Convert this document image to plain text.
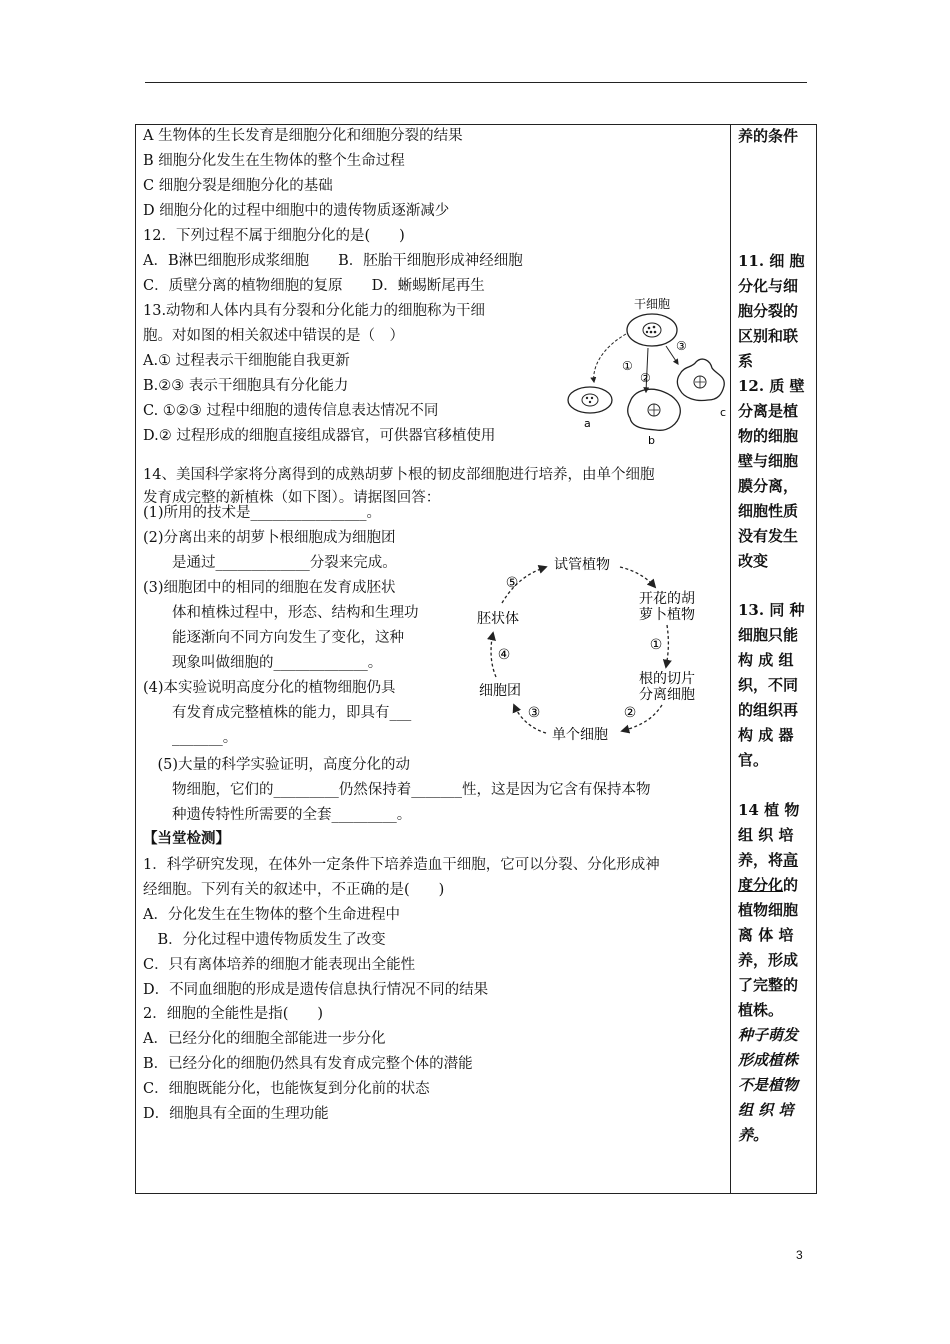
A 生物体的生长发育是细胞分化和细胞分裂的结果
B 细胞分化发生在生物体的整个生命过程
C 细胞分裂是细胞分化的基础
D 细胞分化的过程中细胞中的遗传物质逐渐减少
12．下列过程不属于细胞分化的是(　　)
A．B淋巴细胞形成浆细胞　　B．胚胎干细胞形成神经细胞
C．质壁分离的植物细胞的复原　　D．蜥蜴断尾再生
13.动物和人体内具有分裂和分化能力的细胞称为干细
胞。对如图的相关叙述中错误的是（　）
A.① 过程表示干细胞能自我更新
B.②③ 表示干细胞具有分化能力
C. ①②③ 过程中细胞的遗传信息表达情况不同
D.② 过程形成的细胞直接组成器官，可供器官移植使用
14、美国科学家将分离得到的成熟胡萝卜根的韧皮部细胞进行培养，由单个细胞
发育成完整的新植株（如下图）。请据图回答：
(1)所用的技术是________________。
(2)分离出来的胡萝卜根细胞成为细胞团
　　是通过_____________分裂来完成。
(3)细胞团中的相同的细胞在发育成胚状
　　体和植株过程中，形态、结构和生理功
　　能逐渐向不同方向发生了变化，这种
　　现象叫做细胞的_____________。
(4)本实验说明高度分化的植物细胞仍具
　　有发育成完整植株的能力，即具有___
　　_______。
　(5)大量的科学实验证明，高度分化的动
　　物细胞，它们的_________仍然保持着_______性，这是因为它含有保持本物
　　种遗传特性所需要的全套_________。
【当堂检测】
1．科学研究发现，在体外一定条件下培养造血干细胞，它可以分裂、分化形成神
经细胞。下列有关的叙述中，不正确的是(　　)
A．分化发生在生物体的整个生命进程中
　B．分化过程中遗传物质发生了改变
C．只有离体培养的细胞才能表现出全能性
D．不同血细胞的形成是遗传信息执行情况不同的结果
2．细胞的全能性是指(　　)
A．已经分化的细胞全部能进一步分化
B．已经分化的细胞仍然具有发育成完整个体的潜能
C．细胞既能分化，也能恢复到分化前的状态
D．细胞具有全面的生理功能
养的条件
11. 细 胞
分化与细
胞分裂的
区别和联
系
12. 质 壁
分离是植
物的细胞
壁与细胞
膜分离，
细胞性质
没有发生
改变
13. 同 种
细胞只能
构 成 组
织，不同
的组织再
构 成 器
官。
14 植 物
组 织 培
养，将高
度分化的
植物细胞
离 体 培
养，形成
了完整的
植株。
种子萌发
形成植株
不是植物
组 织 培
养。
干细胞
①
②
③
a
b
c
试管植物
开花的胡
萝卜植物
根的切片
分离细胞
单个细胞
细胞团
胚状体
①
②
③
④
⑤
3
